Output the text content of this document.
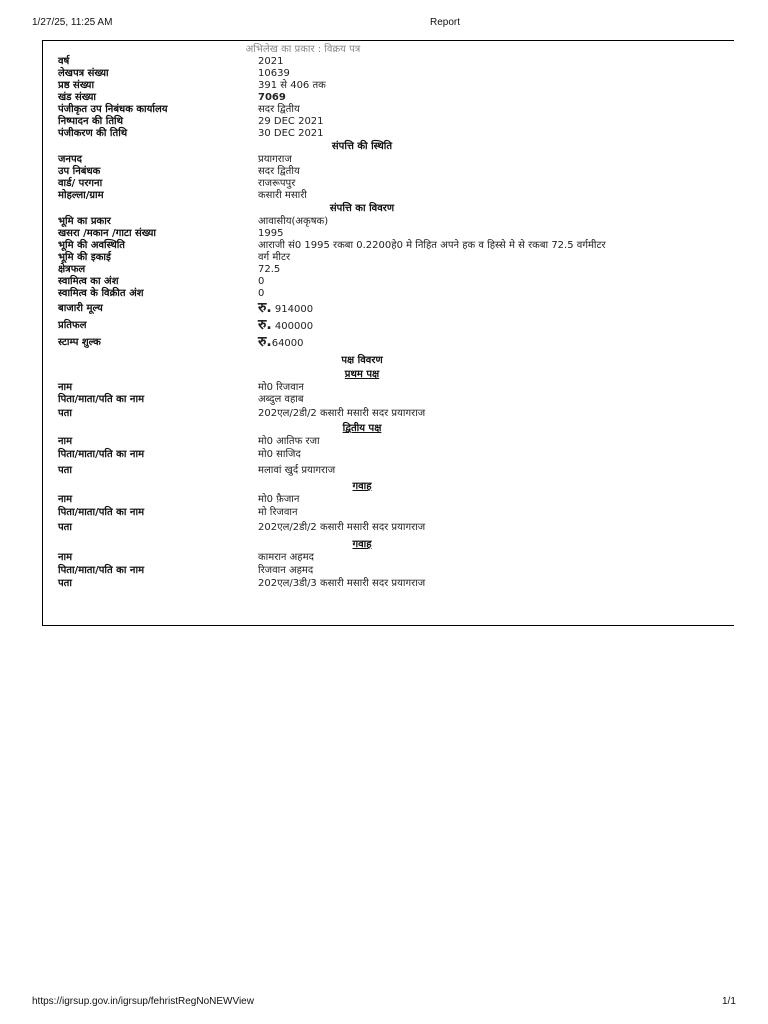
1/27/25, 11:25 AM	Report
अभिलेख का प्रकार : विक्रय पत्र
वर्ष	2021
लेखपत्र संख्या	10639
प्रष्ठ संख्या	391 से 406 तक
खंड संख्या	7069
पंजीकृत उप निबंधक कार्यालय	सदर द्वितीय
निष्पादन की तिथि	29 DEC 2021
पंजीकरण की तिथि	30 DEC 2021
संपत्ति की स्थिति
जनपद	प्रयागराज
उप निबंधक	सदर द्वितीय
वार्ड/ परगना	राजरूपपुर
मोहल्ला/ग्राम	कसारी मसारी
संपत्ति का विवरण
भूमि का प्रकार	आवासीय(अकृषक)
खसरा /मकान /गाटा संख्या	1995
भूमि की अवस्थिति	आराजी सं0 1995 रकबा 0.2200हे0 मे निहित अपने हक व हिस्से मे से रकबा 72.5 वर्गमीटर
भूमि की इकाई	वर्ग मीटर
क्षेत्रफल	72.5
स्वामित्व का अंश	0
स्वामित्व के विक्रीत अंश	0
बाजारी मूल्य	रु. 914000
प्रतिफल	रु. 400000
स्टाम्प शुल्क	रु.64000
पक्ष विवरण
प्रथम पक्ष
नाम	मो0 रिजवान
पिता/माता/पति का नाम	अब्दुल वहाब
पता	202एल/2डी/2 कसारी मसारी सदर प्रयागराज
द्वितीय पक्ष
नाम	मो0 आतिफ रजा
पिता/माता/पति का नाम	मो0 साजिद
पता	मलावां खुर्द प्रयागराज
गवाह
नाम	मो0 फ़ैजान
पिता/माता/पति का नाम	मो रिजवान
पता	202एल/2डी/2 कसारी मसारी सदर प्रयागराज
गवाह
नाम	कामरान अहमद
पिता/माता/पति का नाम	रिजवान अहमद
पता	202एल/3डी/3 कसारी मसारी सदर प्रयागराज
https://igrsup.gov.in/igrsup/fehristRegNoNEWView	1/1
